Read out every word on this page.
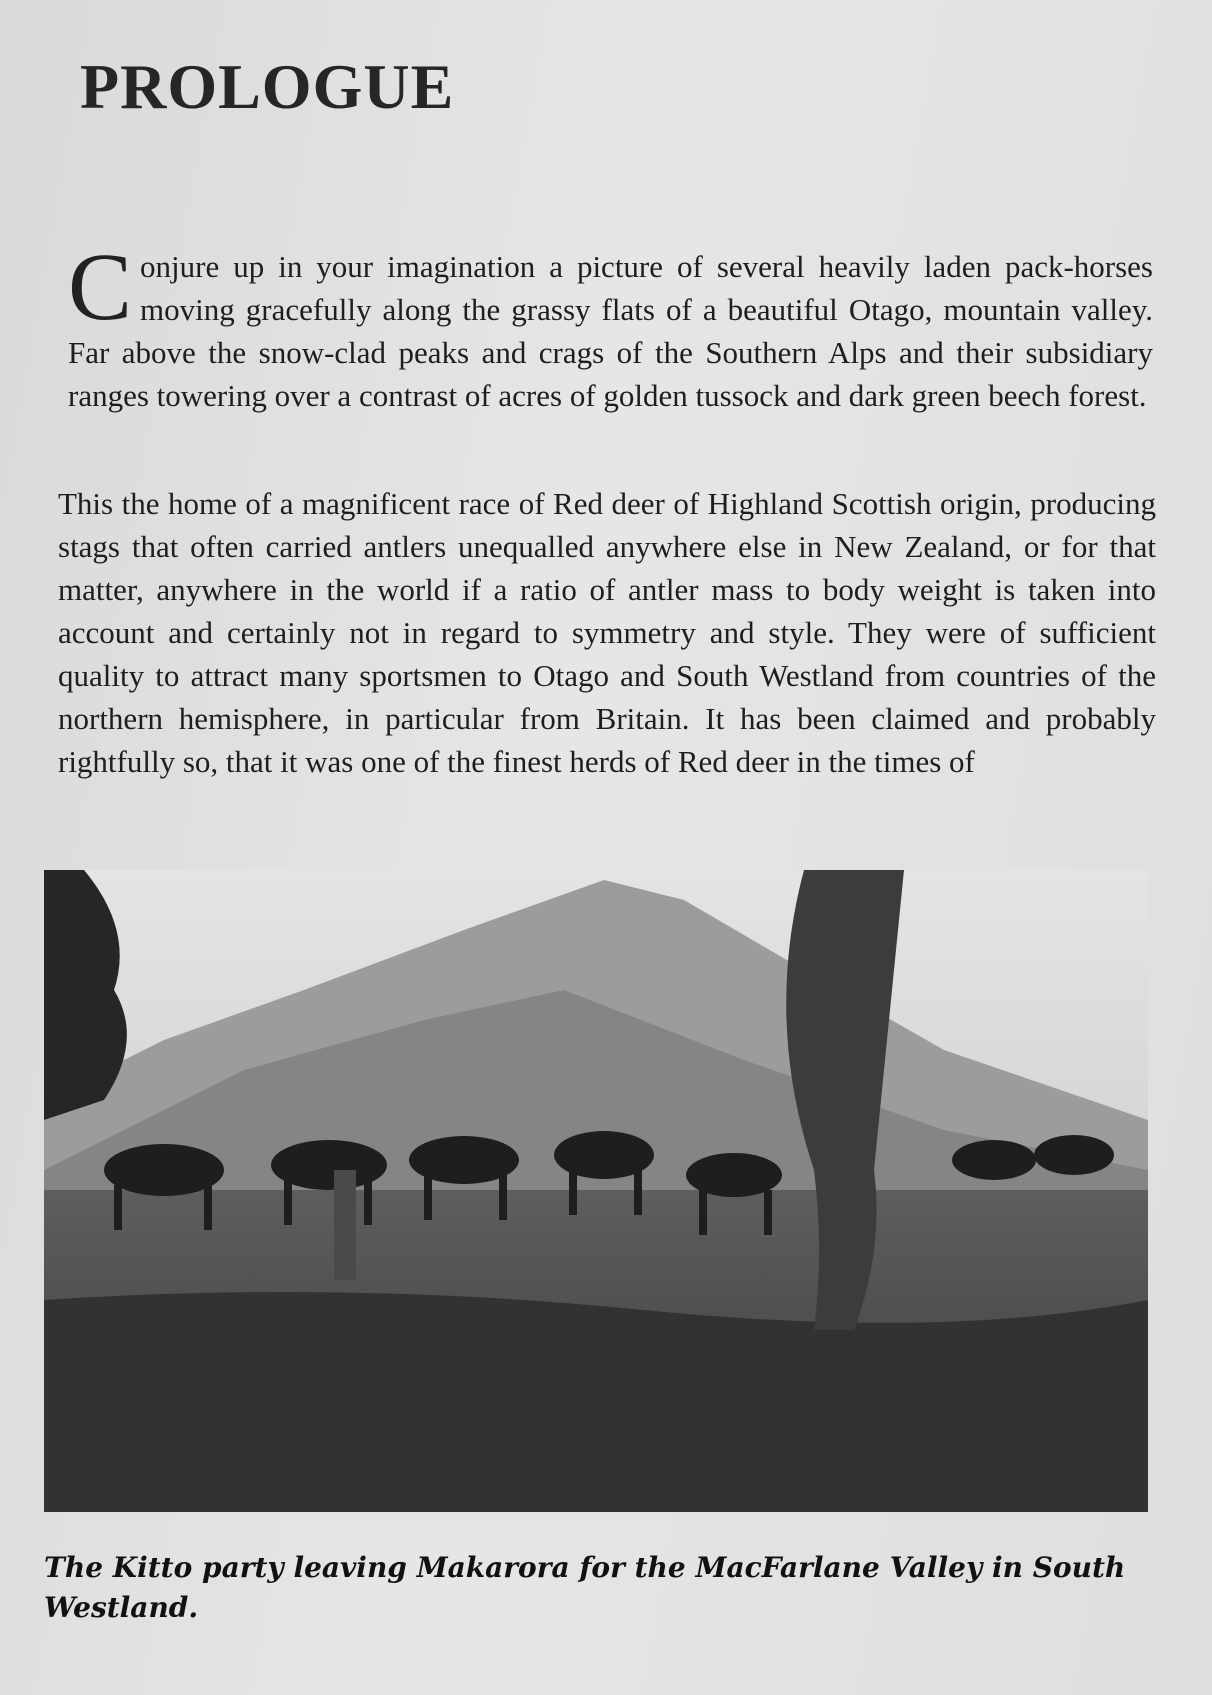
PROLOGUE

Conjure up in your imagination a picture of several heavily laden pack-horses moving gracefully along the grassy flats of a beautiful Otago, mountain valley. Far above the snow-clad peaks and crags of the Southern Alps and their subsidiary ranges towering over a contrast of acres of golden tussock and dark green beech forest.

This the home of a magnificent race of Red deer of Highland Scottish origin, producing stags that often carried antlers unequalled anywhere else in New Zealand, or for that matter, anywhere in the world if a ratio of antler mass to body weight is taken into account and certainly not in regard to symmetry and style. They were of sufficient quality to attract many sportsmen to Otago and South Westland from countries of the northern hemisphere, in particular from Britain. It has been claimed and probably rightfully so, that it was one of the finest herds of Red deer in the times of

The Kitto party leaving Makarora for the MacFarlane Valley in South Westland.
